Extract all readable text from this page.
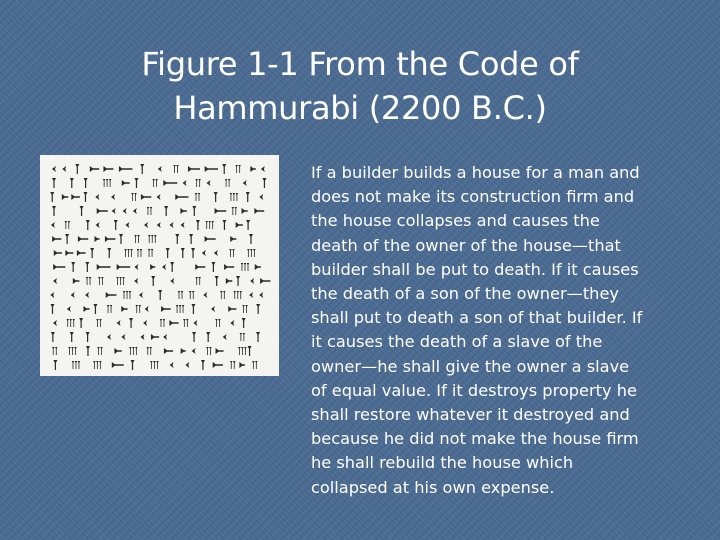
Figure 1-1 From the Code of
Hammurabi (2200 B.C.)

If a builder builds a house for a man and
does not make its construction firm and
the house collapses and causes the
death of the owner of the house—that
builder shall be put to death. If it causes
the death of a son of the owner—they
shall put to death a son of that builder. If
it causes the death of a slave of the
owner—he shall give the owner a slave
of equal value. If it destroys property he
shall restore whatever it destroyed and
because he did not make the house firm
he shall rebuild the house which
collapsed at his own expense.
